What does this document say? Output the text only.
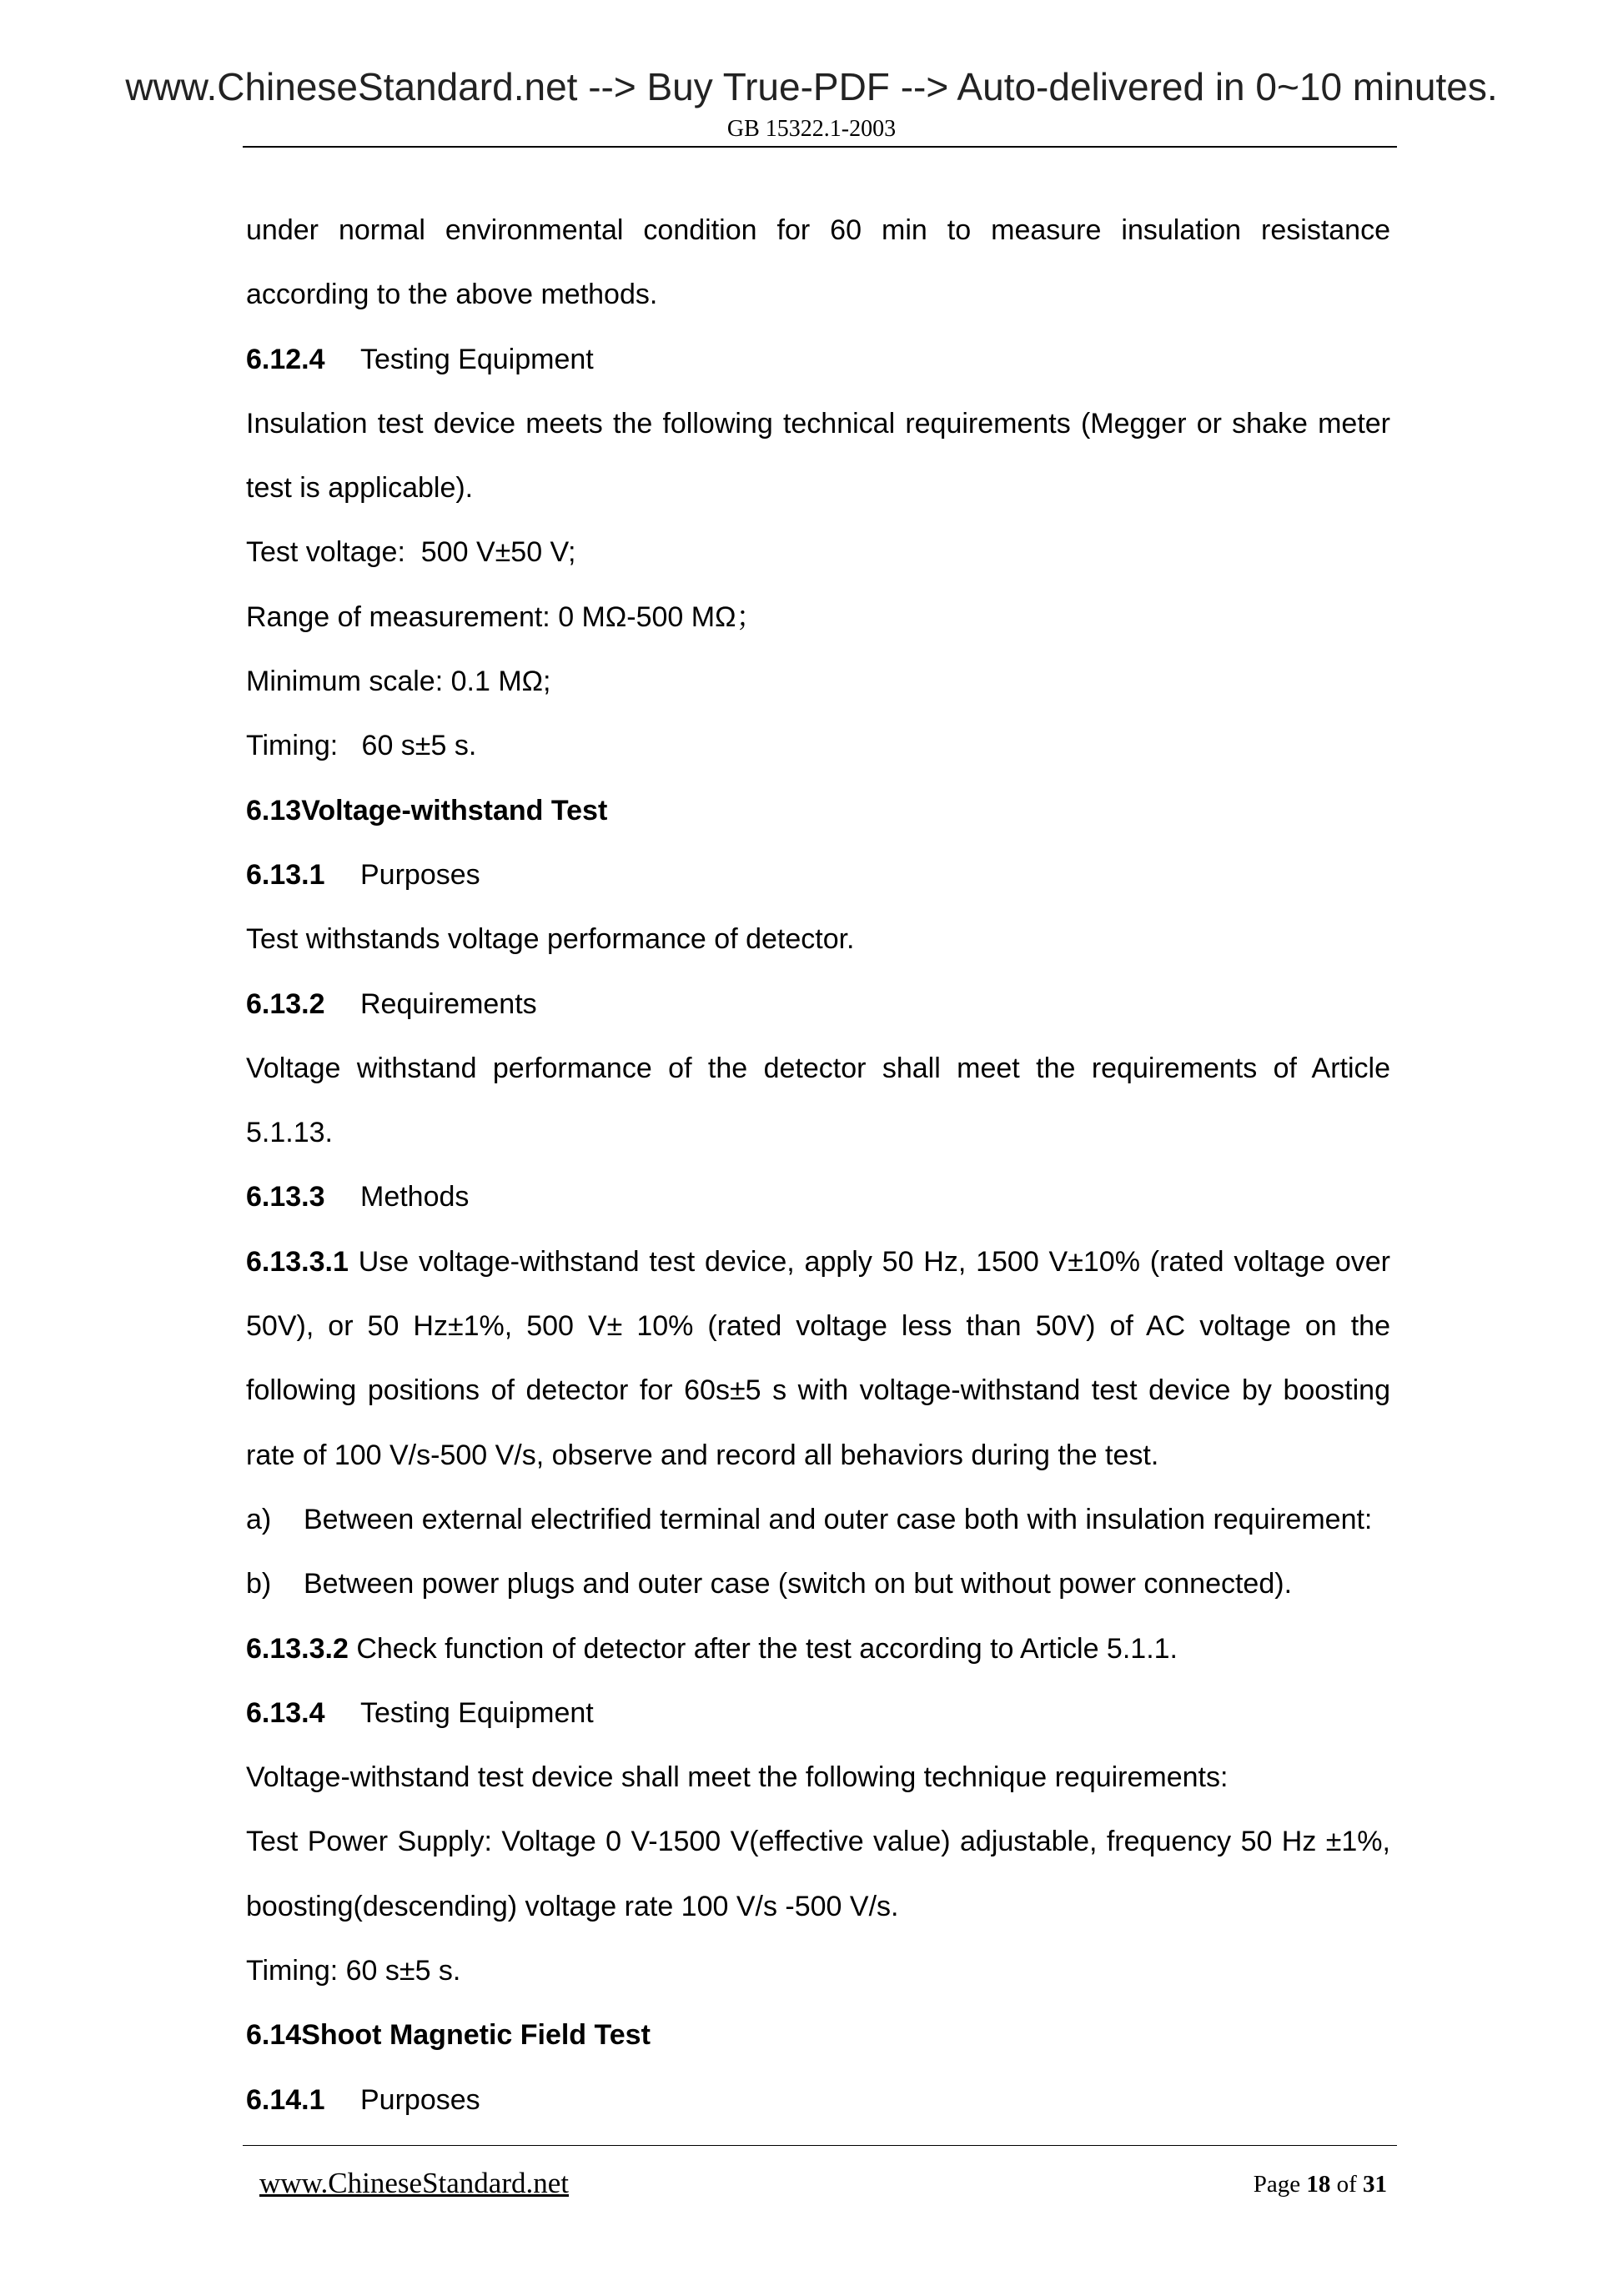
www.ChineseStandard.net --> Buy True-PDF --> Auto-delivered in 0~10 minutes.
GB 15322.1-2003
under normal environmental condition for 60 min to measure insulation resistance
according to the above methods.
6.12.4 Testing Equipment
Insulation test device meets the following technical requirements (Megger or shake meter
test is applicable).
Test voltage:  500 V±50 V;
Range of measurement: 0 MΩ-500 MΩ；
Minimum scale: 0.1 MΩ;
Timing:   60 s±5 s.
6.13Voltage-withstand Test
6.13.1 Purposes
Test withstands voltage performance of detector.
6.13.2 Requirements
Voltage withstand performance of the detector shall meet the requirements of Article
5.1.13.
6.13.3 Methods
6.13.3.1 Use voltage-withstand test device, apply 50 Hz, 1500 V±10% (rated voltage over
50V), or 50 Hz±1%, 500 V± 10% (rated voltage less than 50V) of AC voltage on the
following positions of detector for 60s±5 s with voltage-withstand test device by boosting
rate of 100 V/s-500 V/s, observe and record all behaviors during the test.
a) Between external electrified terminal and outer case both with insulation requirement:
b) Between power plugs and outer case (switch on but without power connected).
6.13.3.2 Check function of detector after the test according to Article 5.1.1.
6.13.4 Testing Equipment
Voltage-withstand test device shall meet the following technique requirements:
Test Power Supply: Voltage 0 V-1500 V(effective value) adjustable, frequency 50 Hz ±1%,
boosting(descending) voltage rate 100 V/s -500 V/s.
Timing: 60 s±5 s.
6.14Shoot Magnetic Field Test
6.14.1 Purposes
www.ChineseStandard.net	Page 18 of 31
